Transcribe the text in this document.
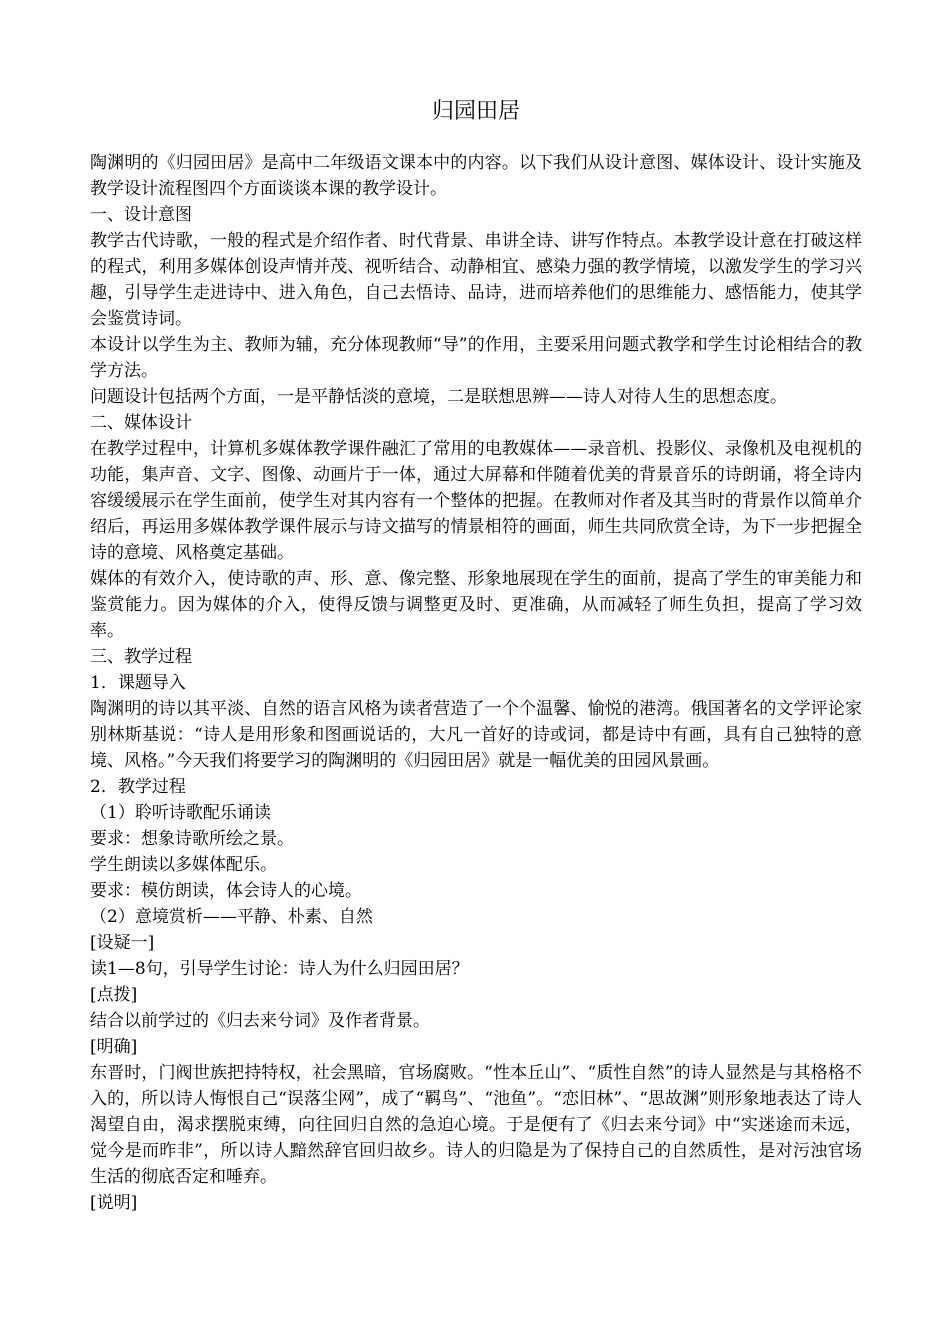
归园田居

陶渊明的《归园田居》是高中二年级语文课本中的内容。以下我们从设计意图、媒体设计、设计实施及教学设计流程图四个方面谈谈本课的教学设计。

一、设计意图

教学古代诗歌，一般的程式是介绍作者、时代背景、串讲全诗、讲写作特点。本教学设计意在打破这样的程式，利用多媒体创设声情并茂、视听结合、动静相宜、感染力强的教学情境，以激发学生的学习兴趣，引导学生走进诗中、进入角色，自己去悟诗、品诗，进而培养他们的思维能力、感悟能力，使其学会鉴赏诗词。

本设计以学生为主、教师为辅，充分体现教师“导”的作用，主要采用问题式教学和学生讨论相结合的教学方法。

问题设计包括两个方面，一是平静恬淡的意境，二是联想思辨——诗人对待人生的思想态度。

二、媒体设计

在教学过程中，计算机多媒体教学课件融汇了常用的电教媒体——录音机、投影仪、录像机及电视机的功能，集声音、文字、图像、动画片于一体，通过大屏幕和伴随着优美的背景音乐的诗朗诵，将全诗内容缓缓展示在学生面前，使学生对其内容有一个整体的把握。在教师对作者及其当时的背景作以简单介绍后，再运用多媒体教学课件展示与诗文描写的情景相符的画面，师生共同欣赏全诗，为下一步把握全诗的意境、风格奠定基础。

媒体的有效介入，使诗歌的声、形、意、像完整、形象地展现在学生的面前，提高了学生的审美能力和鉴赏能力。因为媒体的介入，使得反馈与调整更及时、更准确，从而减轻了师生负担，提高了学习效率。

三、教学过程

1．课题导入

陶渊明的诗以其平淡、自然的语言风格为读者营造了一个个温馨、愉悦的港湾。俄国著名的文学评论家别林斯基说：“诗人是用形象和图画说话的，大凡一首好的诗或词，都是诗中有画，具有自己独特的意境、风格。”今天我们将要学习的陶渊明的《归园田居》就是一幅优美的田园风景画。

2．教学过程

（1）聆听诗歌配乐诵读

要求：想象诗歌所绘之景。

学生朗读以多媒体配乐。

要求：模仿朗读，体会诗人的心境。

（2）意境赏析——平静、朴素、自然

[设疑一]

读1—8句，引导学生讨论：诗人为什么归园田居？

[点拨]

结合以前学过的《归去来兮词》及作者背景。

[明确]

东晋时，门阀世族把持特权，社会黑暗，官场腐败。“性本丘山”、“质性自然”的诗人显然是与其格格不入的，所以诗人悔恨自己“误落尘网”，成了“羁鸟”、“池鱼”。“恋旧林”、“思故渊”则形象地表达了诗人渴望自由，渴求摆脱束缚，向往回归自然的急迫心境。于是便有了《归去来兮词》中“实迷途而未远，觉今是而昨非”，所以诗人黯然辞官回归故乡。诗人的归隐是为了保持自己的自然质性，是对污浊官场生活的彻底否定和唾弃。

[说明]
